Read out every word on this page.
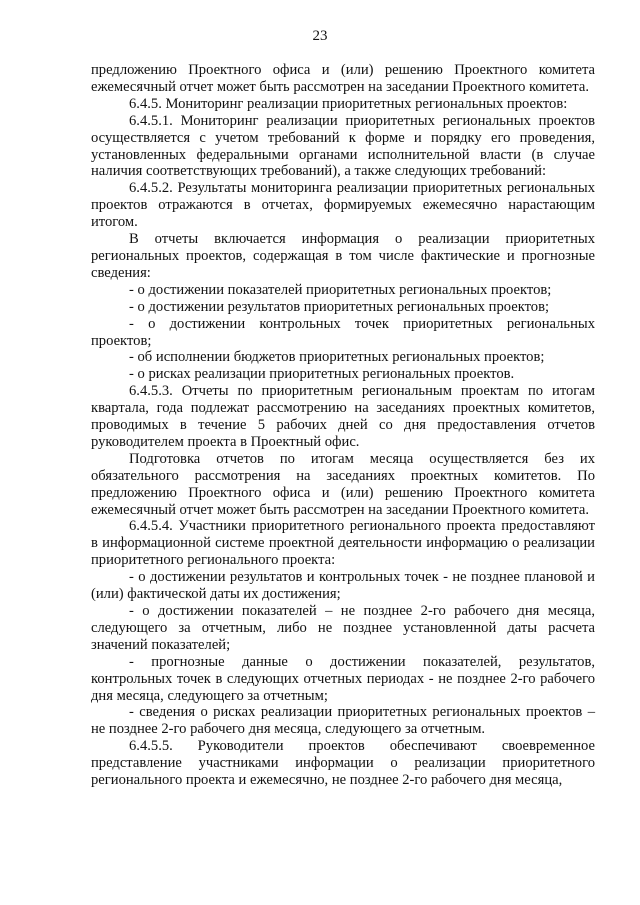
23

предложению Проектного офиса и (или) решению Проектного комитета ежемесячный отчет может быть рассмотрен на заседании Проектного комитета.

6.4.5. Мониторинг реализации приоритетных региональных проектов:

6.4.5.1. Мониторинг реализации приоритетных региональных проектов осуществляется с учетом требований к форме и порядку его проведения, установленных федеральными органами исполнительной власти (в случае наличия соответствующих требований), а также следующих требований:

6.4.5.2. Результаты мониторинга реализации приоритетных региональных проектов отражаются в отчетах, формируемых ежемесячно нарастающим итогом.

В отчеты включается информация о реализации приоритетных региональных проектов, содержащая в том числе фактические и прогнозные сведения:

- о достижении показателей приоритетных региональных проектов;

- о достижении результатов приоритетных региональных проектов;

- о достижении контрольных точек приоритетных региональных проектов;

- об исполнении бюджетов приоритетных региональных проектов;

- о рисках реализации приоритетных региональных проектов.

6.4.5.3. Отчеты по приоритетным региональным проектам по итогам квартала, года подлежат рассмотрению на заседаниях проектных комитетов, проводимых в течение 5 рабочих дней со дня предоставления отчетов руководителем проекта в Проектный офис.

Подготовка отчетов по итогам месяца осуществляется без их обязательного рассмотрения на заседаниях проектных комитетов. По предложению Проектного офиса и (или) решению Проектного комитета ежемесячный отчет может быть рассмотрен на заседании Проектного комитета.

6.4.5.4. Участники приоритетного регионального проекта предоставляют в информационной системе проектной деятельности информацию о реализации приоритетного регионального проекта:

- о достижении результатов и контрольных точек - не позднее плановой и (или) фактической даты их достижения;

- о достижении показателей – не позднее 2-го рабочего дня месяца, следующего за отчетным, либо не позднее установленной даты расчета значений показателей;

- прогнозные данные о достижении показателей, результатов, контрольных точек в следующих отчетных периодах - не позднее 2-го рабочего дня месяца, следующего за отчетным;

- сведения о рисках реализации приоритетных региональных проектов – не позднее 2-го рабочего дня месяца, следующего за отчетным.

6.4.5.5. Руководители проектов обеспечивают своевременное представление участниками информации о реализации приоритетного регионального проекта и ежемесячно, не позднее 2-го рабочего дня месяца,
